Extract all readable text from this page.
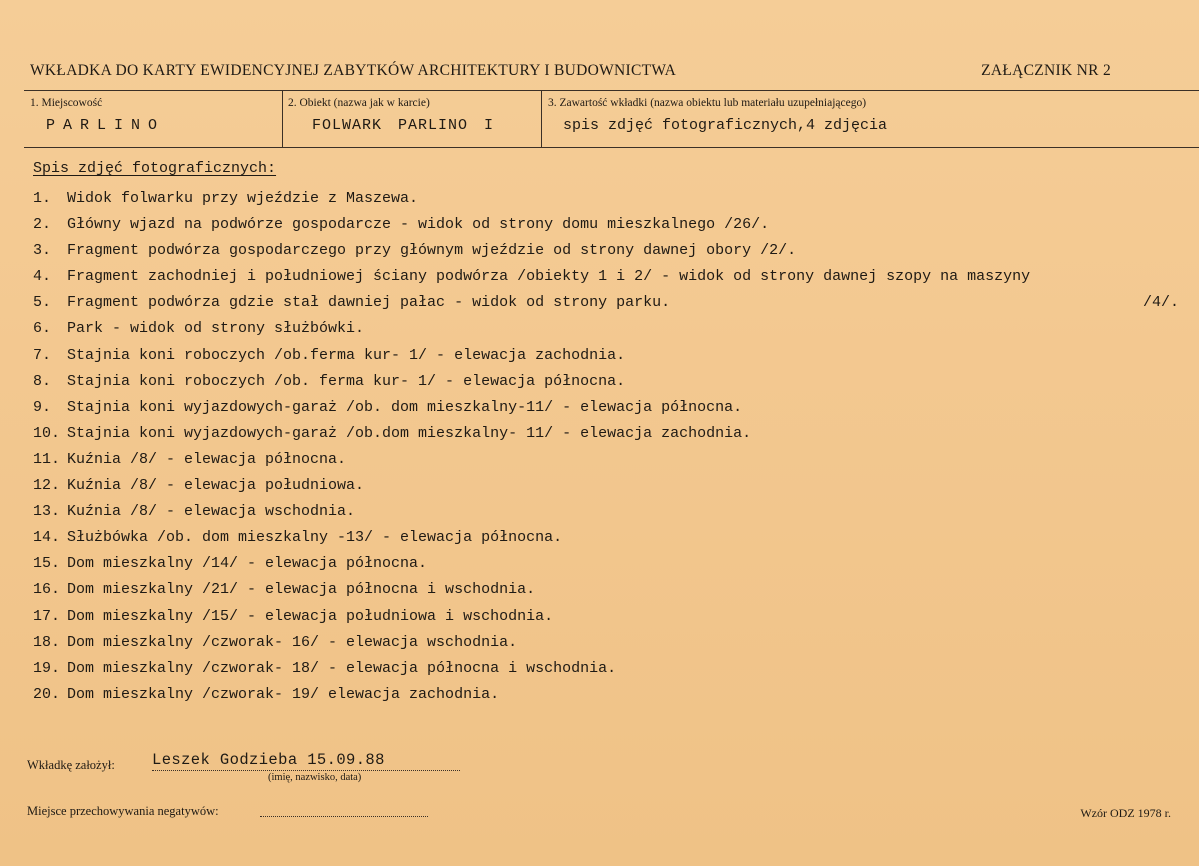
WKŁADKA DO KARTY EWIDENCYJNEJ ZABYTKÓW ARCHITEKTURY I BUDOWNICTWA	ZAŁĄCZNIK NR 2
1. Miejscowość
PARLINO
2. Obiekt (nazwa jak w karcie)
FOLWARK PARLINO I
3. Zawartość wkładki (nazwa obiektu lub materiału uzupełniającego)
spis zdjęć fotograficznych,4 zdjęcia
Spis zdjęć fotograficznych:
1. Widok folwarku przy wjeździe z Maszewa.
2. Główny wjazd na podwórze gospodarcze - widok od strony domu mieszkalnego /26/.
3. Fragment podwórza gospodarczego przy głównym wjeździe od strony dawnej obory /2/.
4. Fragment zachodniej i południowej ściany podwórza /obiekty 1 i 2/ - widok od strony dawnej szopy na maszyny
5. Fragment podwórza gdzie stał dawniej pałac - widok od strony parku.	/4/.
6. Park - widok od strony służbówki.
7. Stajnia koni roboczych /ob.ferma kur- 1/ - elewacja zachodnia.
8. Stajnia koni roboczych /ob. ferma kur- 1/ - elewacja północna.
9. Stajnia koni wyjazdowych-garaż /ob. dom mieszkalny-11/ - elewacja północna.
10. Stajnia koni wyjazdowych-garaż /ob.dom mieszkalny- 11/ - elewacja zachodnia.
11. Kuźnia /8/ - elewacja północna.
12. Kuźnia /8/ - elewacja południowa.
13. Kuźnia /8/ - elewacja wschodnia.
14. Służbówka /ob. dom mieszkalny -13/ - elewacja północna.
15. Dom mieszkalny /14/ - elewacja północna.
16. Dom mieszkalny /21/ - elewacja północna i wschodnia.
17. Dom mieszkalny /15/ - elewacja południowa i wschodnia.
18. Dom mieszkalny /czworak- 16/ - elewacja wschodnia.
19. Dom mieszkalny /czworak- 18/ - elewacja północna i wschodnia.
20. Dom mieszkalny /czworak- 19/ elewacja zachodnia.
Wkładkę założył: Leszek Godzieba 15.09.88
(imię, nazwisko, data)
Miejsce przechowywania negatywów:	Wzór ODZ 1978 r.
